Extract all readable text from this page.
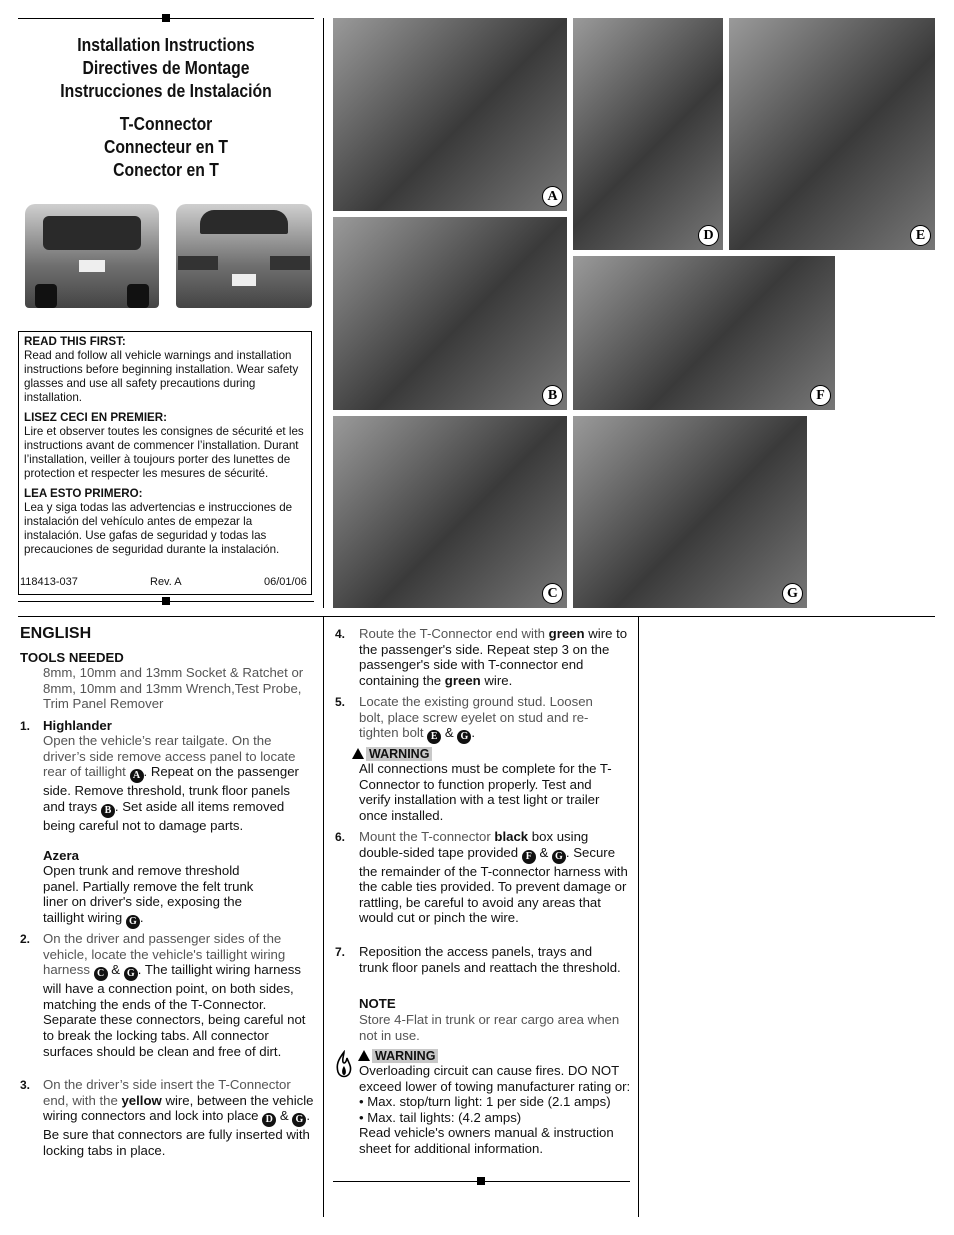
Installation Instructions
Directives de Montage
Instrucciones de Instalación
T-Connector
Connecteur en T
Conector en T
READ THIS FIRST:

Read and follow all vehicle warnings and installation instructions before beginning installation. Wear safety glasses and use all safety precautions during installation.

LISEZ CECI EN PREMIER:

Lire et observer toutes les consignes de sécurité et les instructions avant de commencer l’installation. Durant l’installation, veiller à toujours porter des lunettes de protection et respecter les mesures de sécurité.

LEA ESTO PRIMERO:

Lea y siga todas las advertencias e instrucciones de instalación del vehículo antes de empezar la instalación. Use gafas de seguridad y todas las precauciones de seguridad durante la instalación.

118413-037	Rev. A	06/01/06
A
B
C
D	E
F
G
ENGLISH
TOOLS NEEDED
8mm, 10mm and 13mm Socket & Ratchet or 8mm, 10mm and 13mm Wrench,Test Probe, Trim Panel Remover
1. Highlander
Open the vehicle’s rear tailgate. On the driver’s side remove access panel to locate rear of taillight A . Repeat on the passenger side. Remove threshold, trunk floor panels and trays B . Set aside all items removed being careful not to damage parts.
Azera
Open trunk and remove threshold panel. Partially remove the felt trunk liner on driver's side, exposing the taillight wiring G .
2. On the driver and passenger sides of the vehicle, locate the vehicle's taillight wiring harness C & G . The taillight wiring harness will have a connection point, on both sides, matching the ends of the T-Connector. Separate these connectors, being careful not to break the locking tabs. All connector surfaces should be clean and free of dirt.
3. On the driver’s side insert the T-Connector end, with the yellow wire, between the vehicle wiring connectors and lock into place D & G . Be sure that connectors are fully inserted with locking tabs in place.
4. Route the T-Connector end with green wire to the passenger's side. Repeat step 3 on the passenger's side with T-connector end containing the green wire.
5. Locate the existing ground stud. Loosen bolt, place screw eyelet on stud and re-tighten bolt E & G .
WARNING
All connections must be complete for the T-Connector to function properly. Test and verify installation with a test light or trailer once installed.
6. Mount the T-connector black box using double-sided tape provided F & G . Secure the remainder of the T-connector harness with the cable ties provided. To prevent damage or rattling, be careful to avoid any areas that would cut or pinch the wire.
7. Reposition the access panels, trays and trunk floor panels and reattach the threshold.
NOTE
Store 4-Flat in trunk or rear cargo area when not in use.
WARNING
Overloading circuit can cause fires. DO NOT exceed lower of towing manufacturer rating or:
• Max. stop/turn light: 1 per side (2.1 amps)
• Max. tail lights: (4.2 amps)
Read vehicle's owners manual & instruction sheet for additional information.
